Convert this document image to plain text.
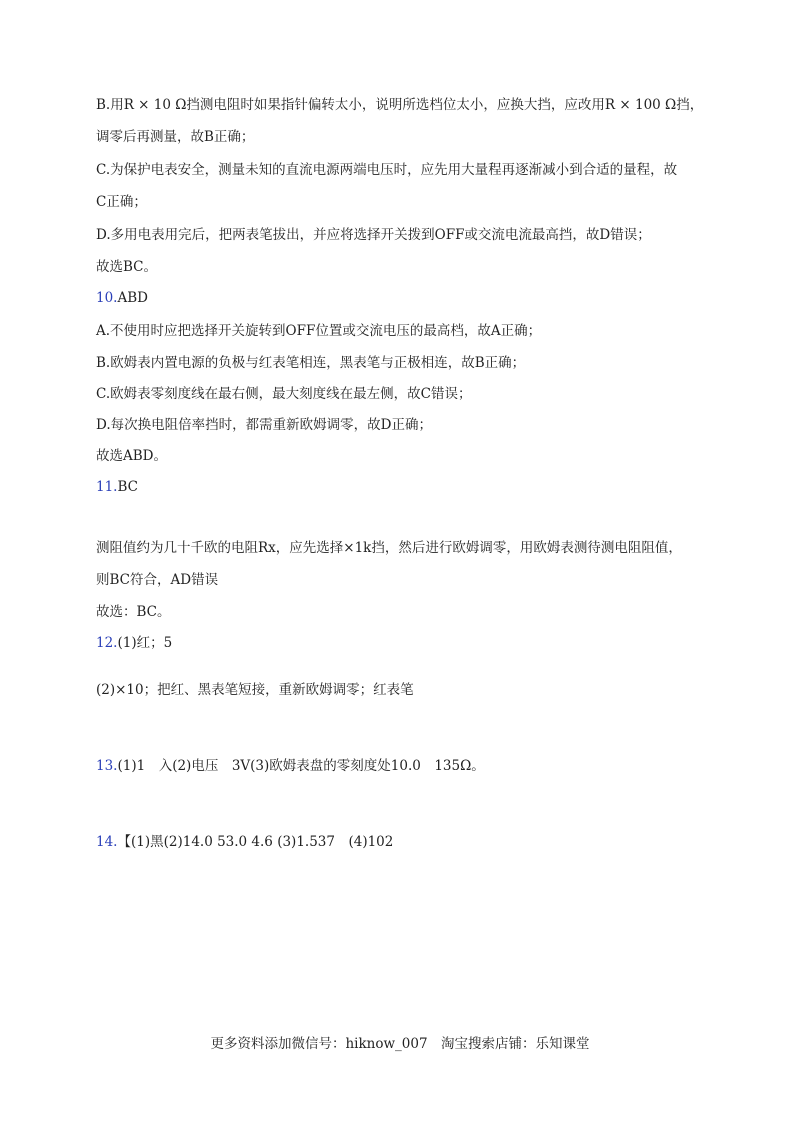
B.用R × 10 Ω挡测电阻时如果指针偏转太小，说明所选档位太小，应换大挡，应改用R × 100 Ω挡，
调零后再测量，故B正确；
C.为保护电表安全，测量未知的直流电源两端电压时，应先用大量程再逐渐减小到合适的量程，故
C正确；
D.多用电表用完后，把两表笔拔出，并应将选择开关拨到OFF或交流电流最高挡，故D错误；
故选BC。
10.ABD
A.不使用时应把选择开关旋转到OFF位置或交流电压的最高档，故A正确；
B.欧姆表内置电源的负极与红表笔相连，黑表笔与正极相连，故B正确；
C.欧姆表零刻度线在最右侧，最大刻度线在最左侧，故C错误；
D.每次换电阻倍率挡时，都需重新欧姆调零，故D正确；
故选ABD。
11.BC
测阻值约为几十千欧的电阻Rx，应先选择×1k挡，然后进行欧姆调零，用欧姆表测待测电阻阻值，
则BC符合，AD错误
故选：BC。
12.(1)红；5
(2)×10；把红、黑表笔短接，重新欧姆调零；红表笔
13.(1)1　入(2)电压　3V(3)欧姆表盘的零刻度处10.0　135Ω。
14.【(1)黑(2)14.0 53.0 4.6 (3)1.537　(4)102
更多资料添加微信号：hiknow_007　淘宝搜索店铺：乐知课堂
